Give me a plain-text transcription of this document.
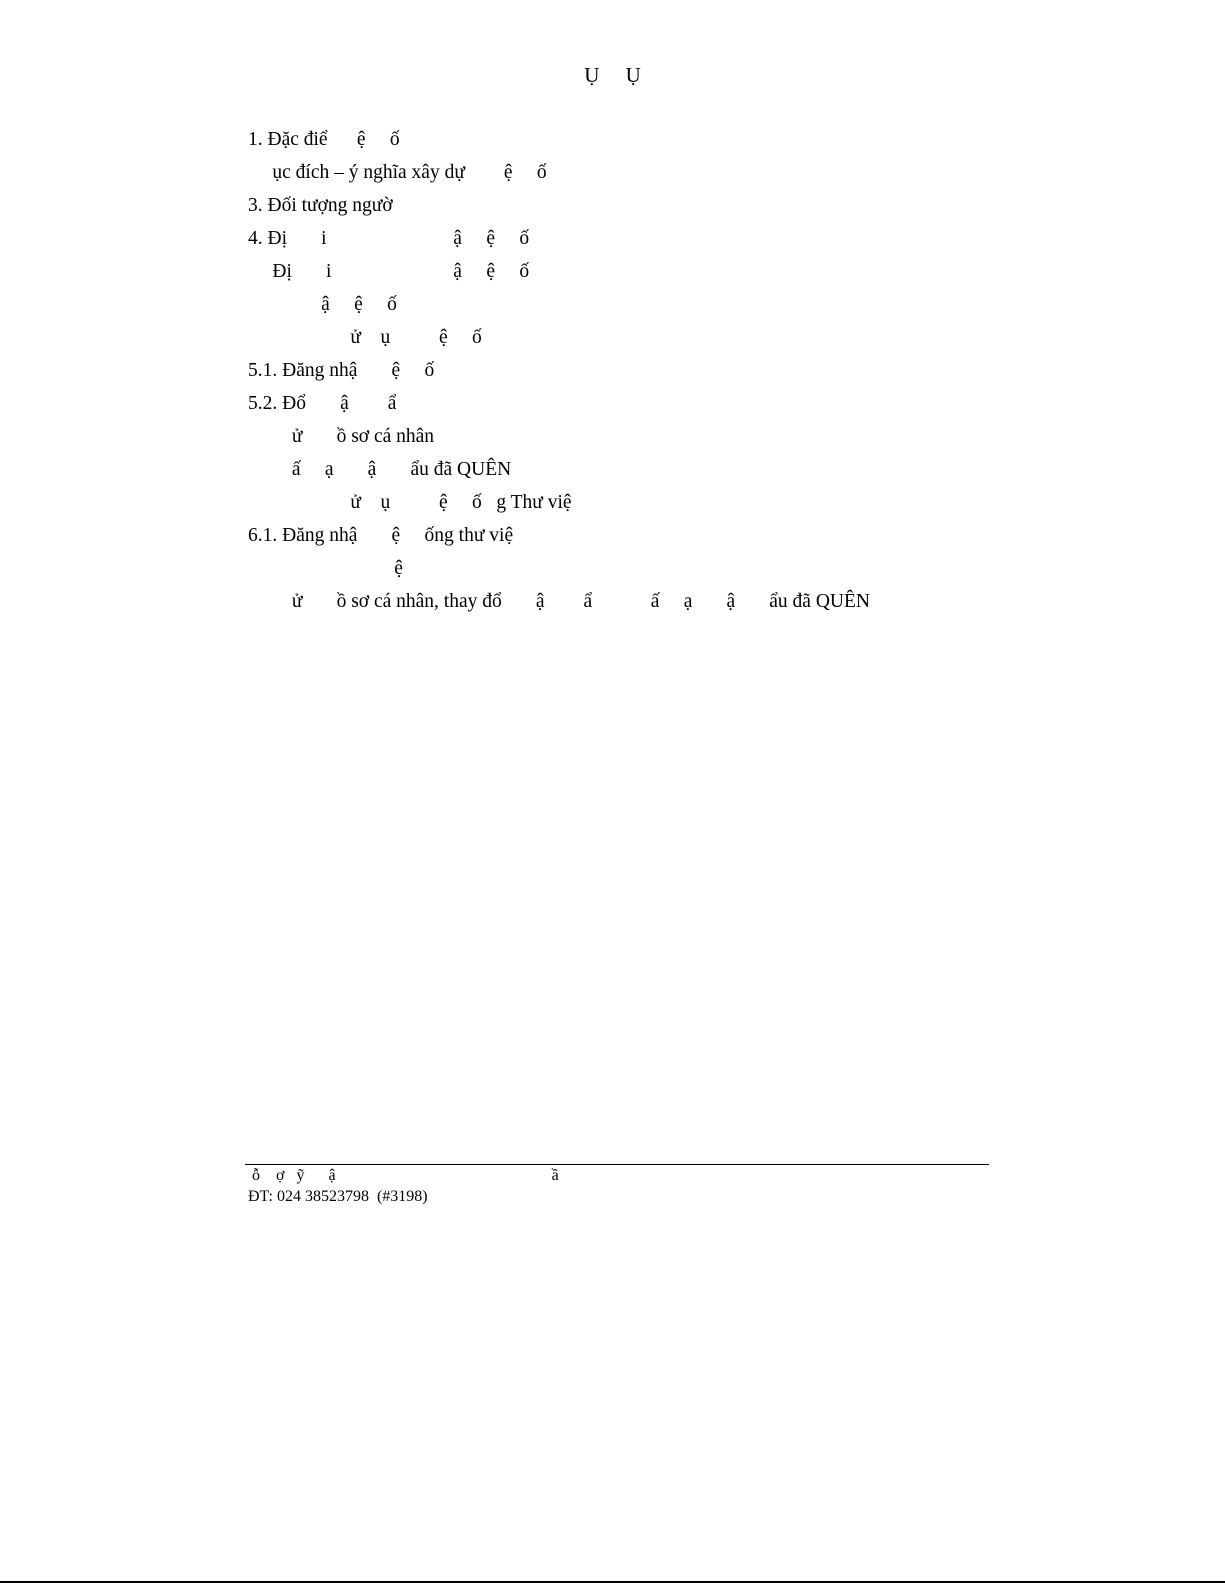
Ụ     Ụ
1. Đặc điể      ệ     ố
ục đích – ý nghĩa xây dự        ệ     ố
3. Đối tượng ngườ
4. Đị       i                          ậ     ệ     ố
Đị       i                         ậ     ệ     ố
ậ     ệ     ố
ử    ụ          ệ     ố
5.1. Đăng nhậ       ệ     ố
5.2. Đổ       ậ        ẩ
ử       ồ sơ cá nhân
ấ     ạ       ậ       ẩu đã QUÊN
ử    ụ          ệ     ố   g Thư việ
6.1. Đăng nhậ       ệ     ống thư việ
ệ
ử       ồ sơ cá nhân, thay đổ       ậ        ẩ            ấ     ạ       ậ       ẩu đã QUÊN
ỗ    ợ   ỹ      ậ                                                      ầ
ĐT: 024 38523798  (#3198)
